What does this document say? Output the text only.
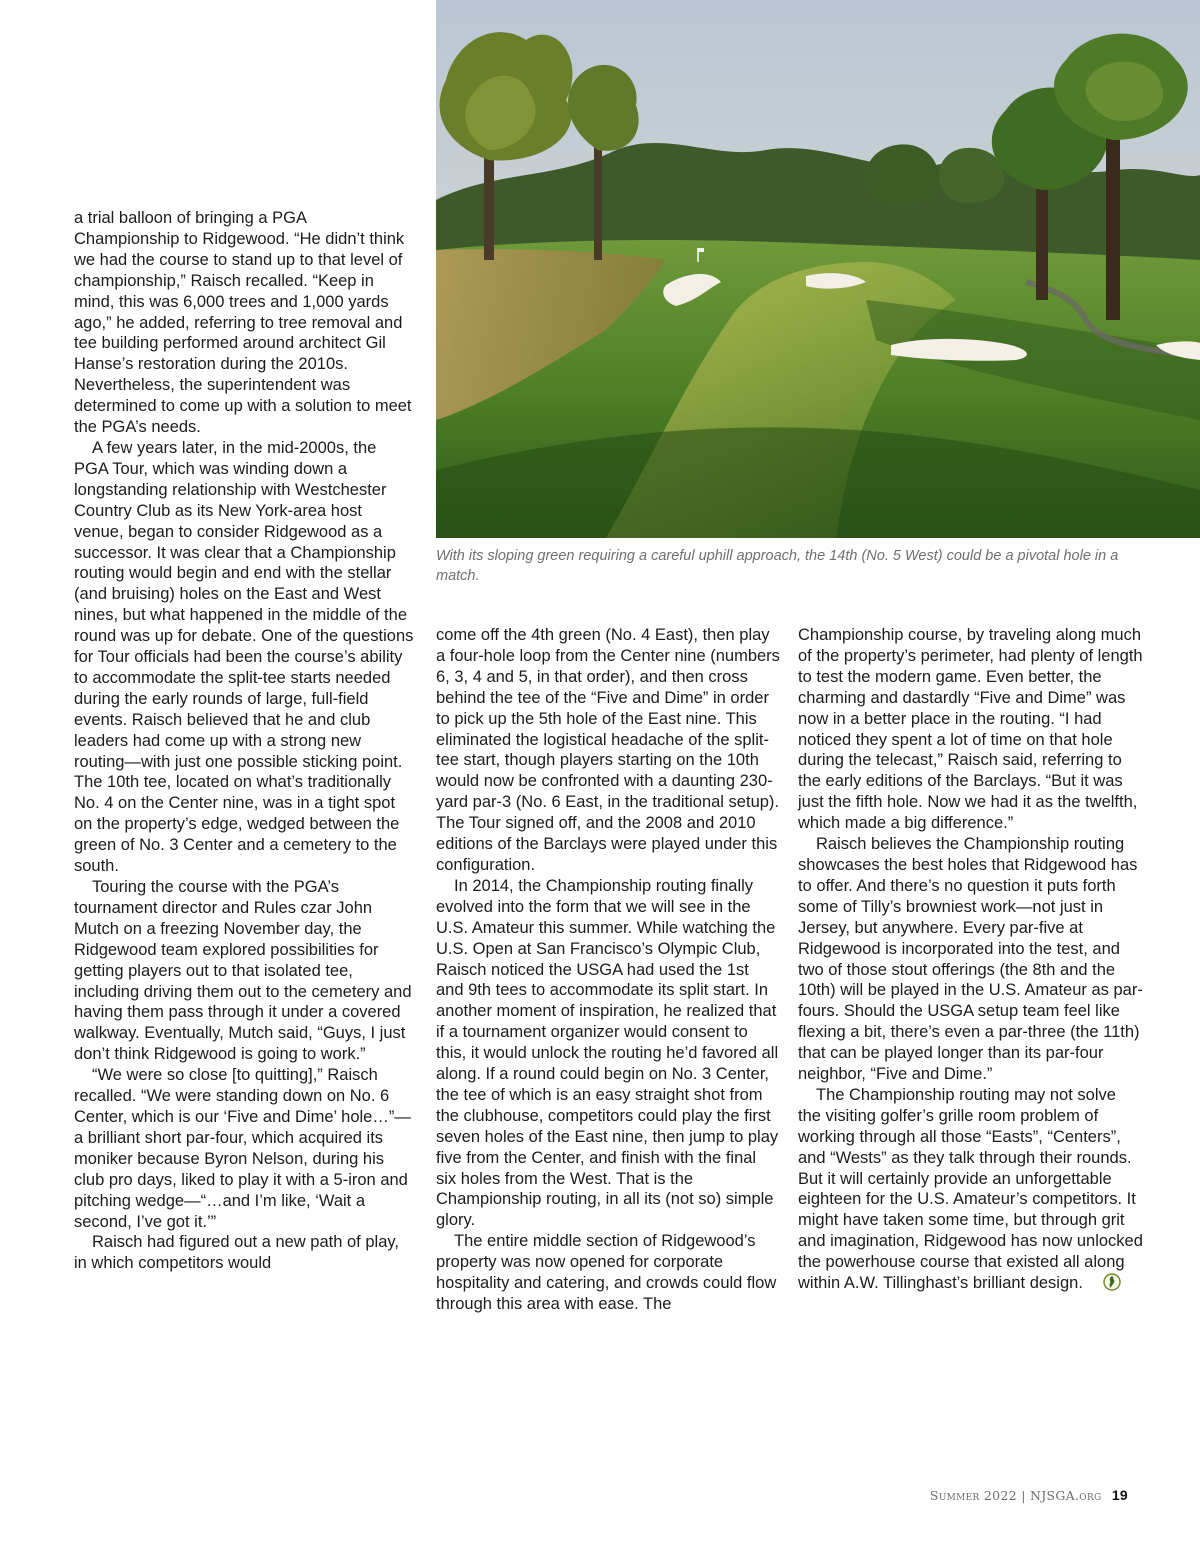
With its sloping green requiring a careful uphill approach, the 14th (No. 5 West) could be a pivotal hole in a match.

a trial balloon of bringing a PGA Championship to Ridgewood. “He didn’t think we had the course to stand up to that level of championship,” Raisch recalled. “Keep in mind, this was 6,000 trees and 1,000 yards ago,” he added, referring to tree removal and tee building performed around architect Gil Hanse’s restoration during the 2010s. Nevertheless, the superintendent was determined to come up with a solution to meet the PGA’s needs.

A few years later, in the mid-2000s, the PGA Tour, which was winding down a longstanding relationship with Westchester Country Club as its New York-area host venue, began to consider Ridgewood as a successor. It was clear that a Championship routing would begin and end with the stellar (and bruising) holes on the East and West nines, but what happened in the middle of the round was up for debate. One of the questions for Tour officials had been the course’s ability to accommodate the split-tee starts needed during the early rounds of large, full-field events. Raisch believed that he and club leaders had come up with a strong new routing—with just one possible sticking point. The 10th tee, located on what’s traditionally No. 4 on the Center nine, was in a tight spot on the property’s edge, wedged between the green of No. 3 Center and a cemetery to the south.

Touring the course with the PGA’s tournament director and Rules czar John Mutch on a freezing November day, the Ridgewood team explored possibilities for getting players out to that isolated tee, including driving them out to the cemetery and having them pass through it under a covered walkway. Eventually, Mutch said, “Guys, I just don’t think Ridgewood is going to work.”

“We were so close [to quitting],” Raisch recalled. “We were standing down on No. 6 Center, which is our ‘Five and Dime’ hole…”—a brilliant short par-four, which acquired its moniker because Byron Nelson, during his club pro days, liked to play it with a 5-iron and pitching wedge—“…and I’m like, ‘Wait a second, I’ve got it.’”

Raisch had figured out a new path of play, in which competitors would

come off the 4th green (No. 4 East), then play a four-hole loop from the Center nine (numbers 6, 3, 4 and 5, in that order), and then cross behind the tee of the “Five and Dime” in order to pick up the 5th hole of the East nine. This eliminated the logistical headache of the split-tee start, though players starting on the 10th would now be confronted with a daunting 230-yard par-3 (No. 6 East, in the traditional setup). The Tour signed off, and the 2008 and 2010 editions of the Barclays were played under this configuration.

In 2014, the Championship routing finally evolved into the form that we will see in the U.S. Amateur this summer. While watching the U.S. Open at San Francisco’s Olympic Club, Raisch noticed the USGA had used the 1st and 9th tees to accommodate its split start. In another moment of inspiration, he realized that if a tournament organizer would consent to this, it would unlock the routing he’d favored all along. If a round could begin on No. 3 Center, the tee of which is an easy straight shot from the clubhouse, competitors could play the first seven holes of the East nine, then jump to play five from the Center, and finish with the final six holes from the West. That is the Championship routing, in all its (not so) simple glory.

The entire middle section of Ridgewood’s property was now opened for corporate hospitality and catering, and crowds could flow through this area with ease. The

Championship course, by traveling along much of the property’s perimeter, had plenty of length to test the modern game. Even better, the charming and dastardly “Five and Dime” was now in a better place in the routing. “I had noticed they spent a lot of time on that hole during the telecast,” Raisch said, referring to the early editions of the Barclays. “But it was just the fifth hole. Now we had it as the twelfth, which made a big difference.”

Raisch believes the Championship routing showcases the best holes that Ridgewood has to offer. And there’s no question it puts forth some of Tilly’s browniest work—not just in Jersey, but anywhere. Every par-five at Ridgewood is incorporated into the test, and two of those stout offerings (the 8th and the 10th) will be played in the U.S. Amateur as par-fours. Should the USGA setup team feel like flexing a bit, there’s even a par-three (the 11th) that can be played longer than its par-four neighbor, “Five and Dime.”

The Championship routing may not solve the visiting golfer’s grille room problem of working through all those “Easts”, “Centers”, and “Wests” as they talk through their rounds. But it will certainly provide an unforgettable eighteen for the U.S. Amateur’s competitors. It might have taken some time, but through grit and imagination, Ridgewood has now unlocked the powerhouse course that existed all along within A.W. Tillinghast’s brilliant design.

Summer 2022 | NJSGA.org 19
